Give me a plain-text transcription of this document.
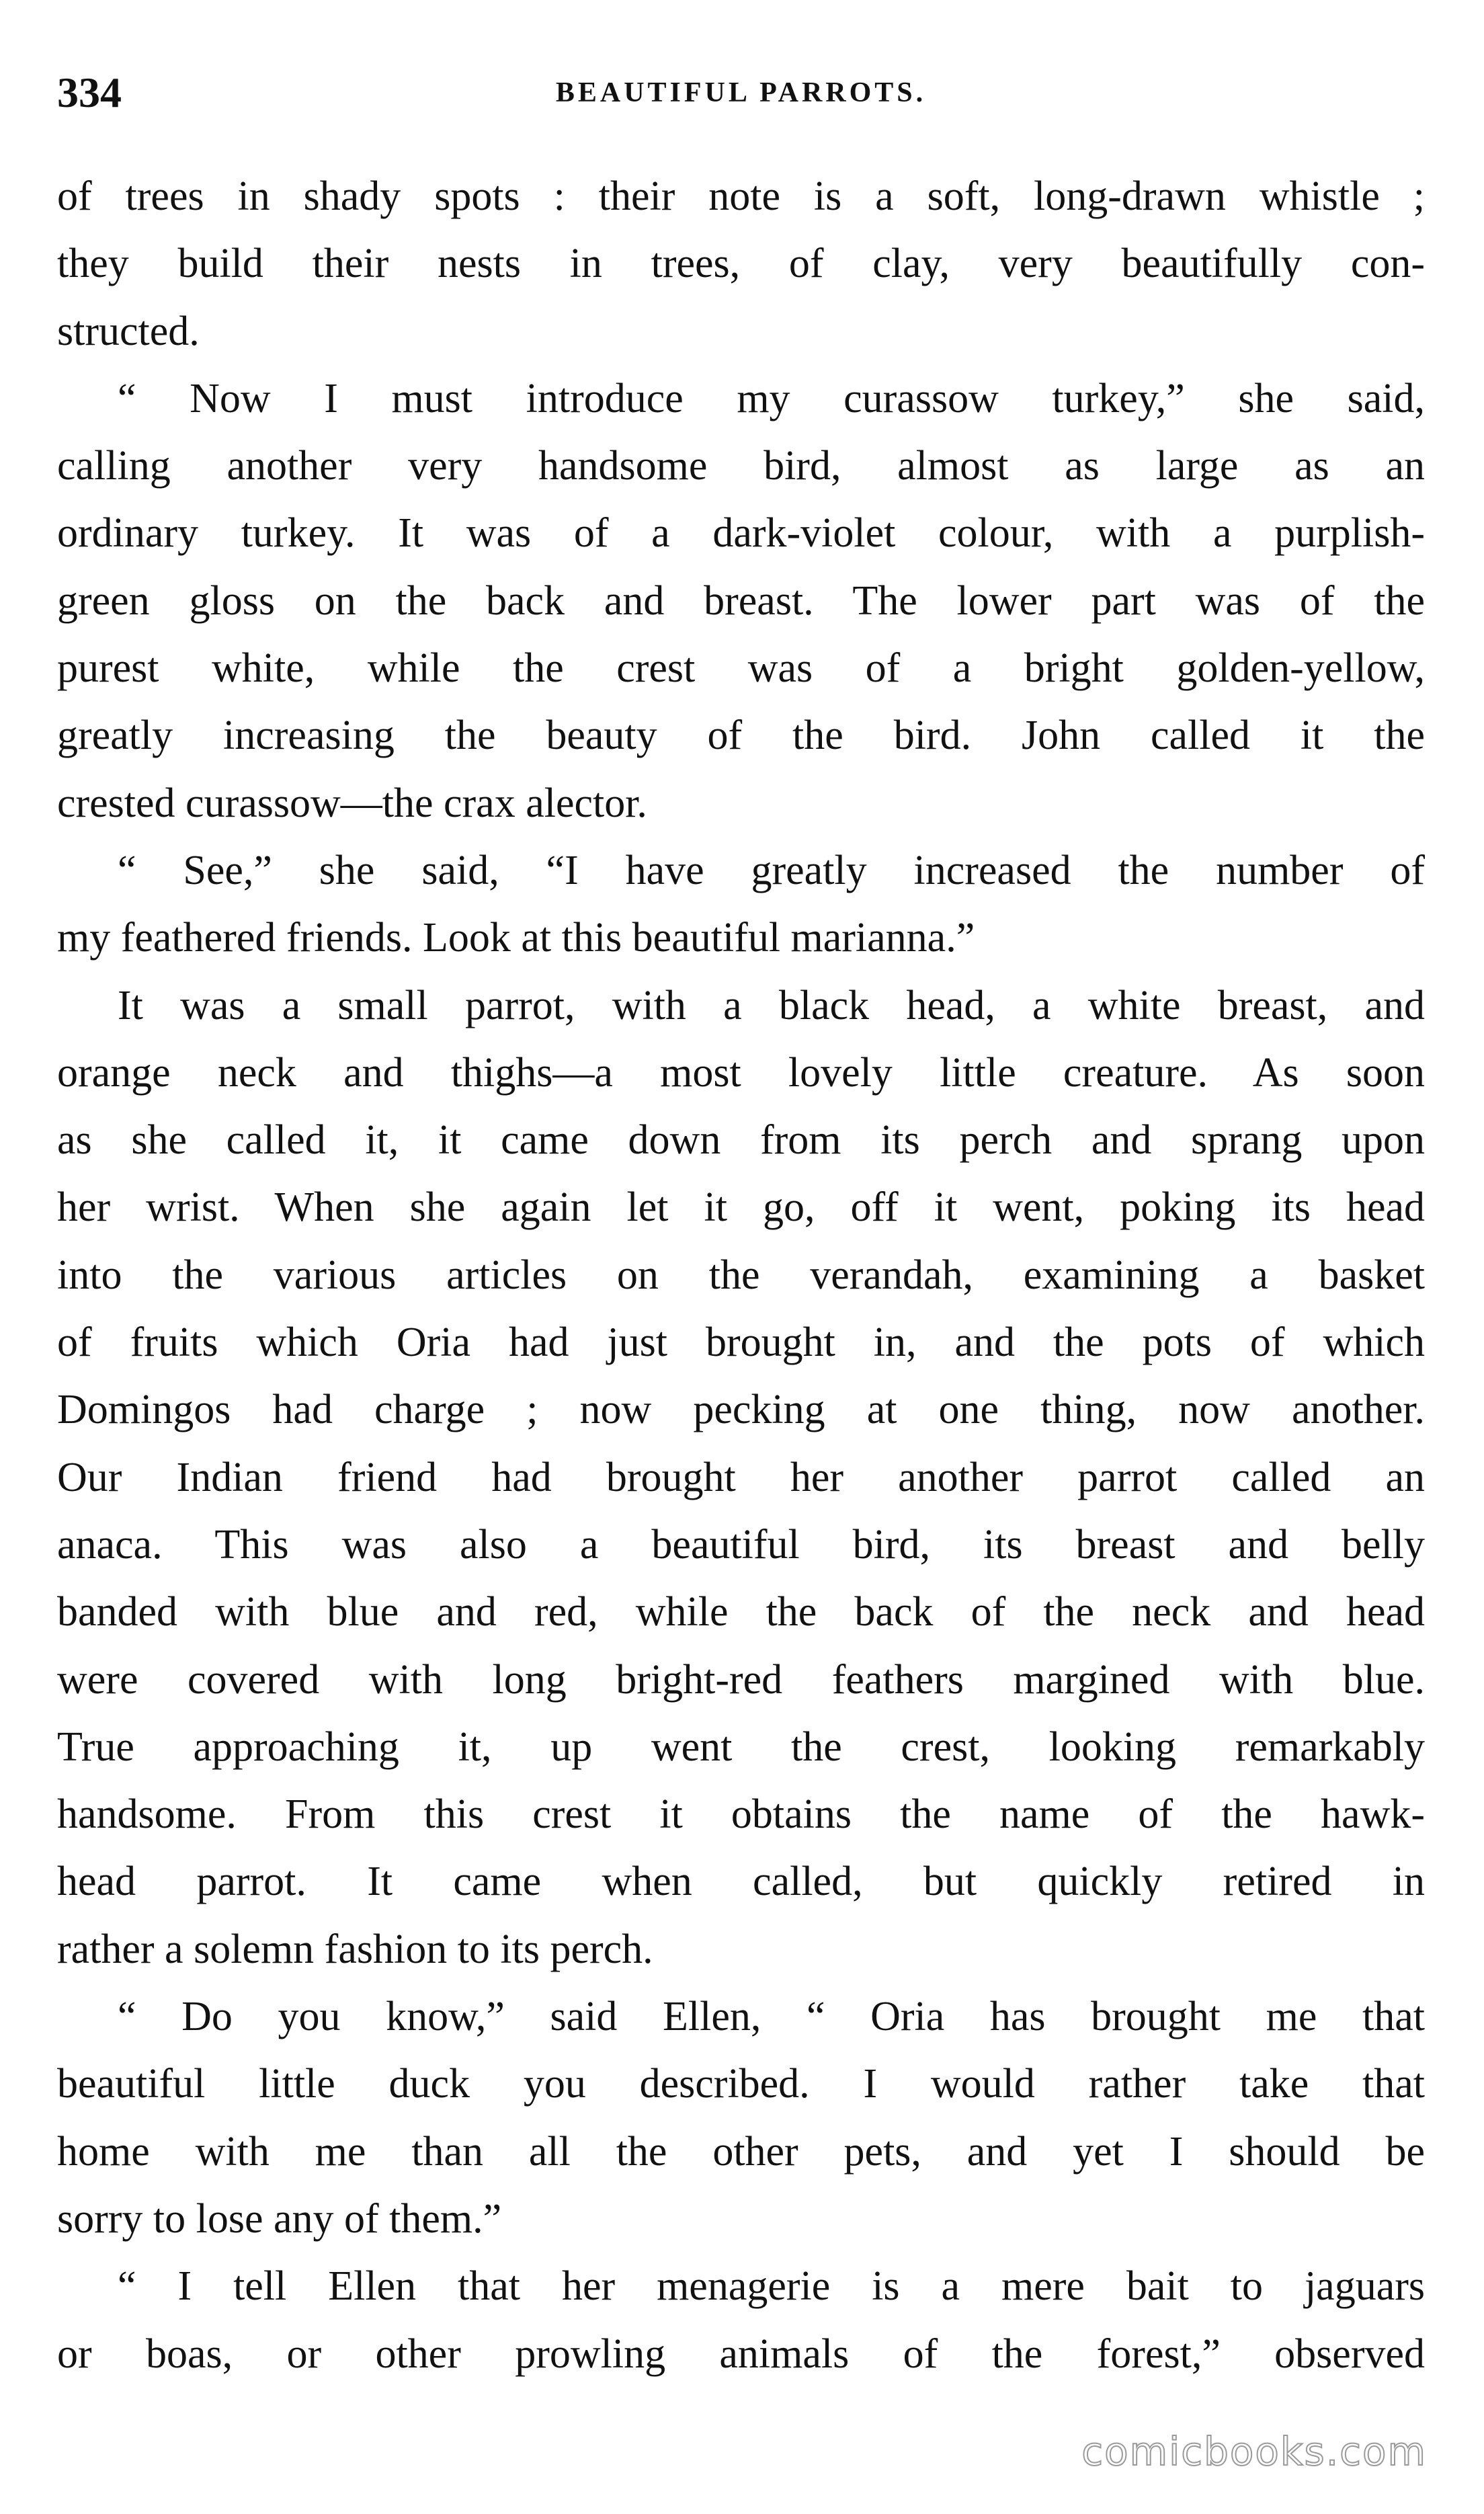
334	BEAUTIFUL PARROTS.
of trees in shady spots : their note is a soft, long-drawn whistle ;
they build their nests in trees, of clay, very beautifully con-
structed.
“ Now I must introduce my curassow turkey,” she said,
calling another very handsome bird, almost as large as an
ordinary turkey. It was of a dark-violet colour, with a purplish-
green gloss on the back and breast. The lower part was of the
purest white, while the crest was of a bright golden-yellow,
greatly increasing the beauty of the bird. John called it the
crested curassow—the crax alector.
“ See,” she said, “I have greatly increased the number of
my feathered friends. Look at this beautiful marianna.”
It was a small parrot, with a black head, a white breast, and
orange neck and thighs—a most lovely little creature. As soon
as she called it, it came down from its perch and sprang upon
her wrist. When she again let it go, off it went, poking its head
into the various articles on the verandah, examining a basket
of fruits which Oria had just brought in, and the pots of which
Domingos had charge ; now pecking at one thing, now another.
Our Indian friend had brought her another parrot called an
anaca. This was also a beautiful bird, its breast and belly
banded with blue and red, while the back of the neck and head
were covered with long bright-red feathers margined with blue.
True approaching it, up went the crest, looking remarkably
handsome. From this crest it obtains the name of the hawk-
head parrot. It came when called, but quickly retired in
rather a solemn fashion to its perch.
“ Do you know,” said Ellen, “ Oria has brought me that
beautiful little duck you described. I would rather take that
home with me than all the other pets, and yet I should be
sorry to lose any of them.”
“ I tell Ellen that her menagerie is a mere bait to jaguars
or boas, or other prowling animals of the forest,” observed
comicbooks.com
